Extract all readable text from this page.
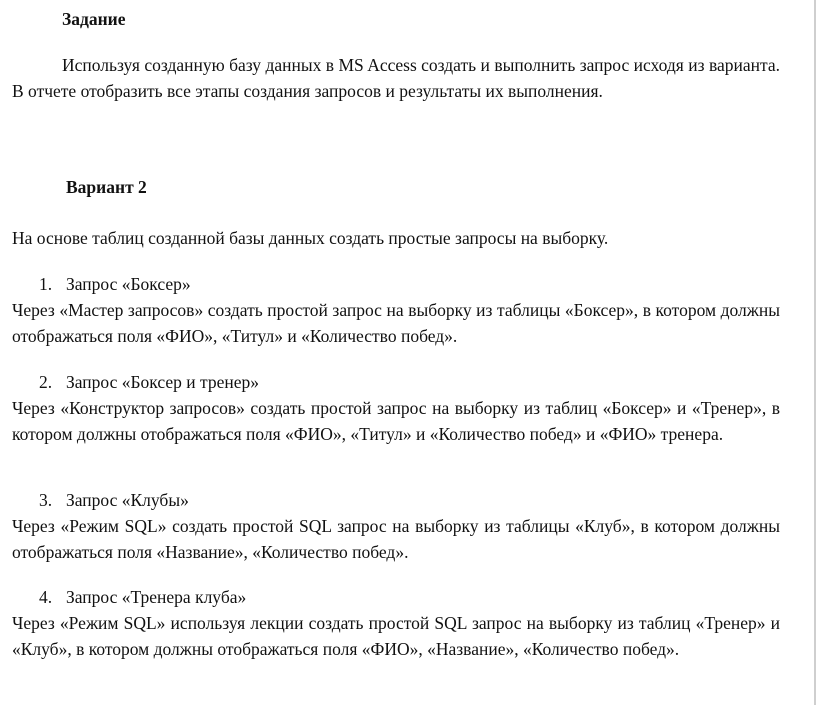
Задание
Используя созданную базу данных в MS Access создать и выполнить запрос исходя из варианта. В отчете отобразить все этапы создания запросов и результаты их выполнения.
Вариант 2
На основе таблиц созданной базы данных создать простые запросы на выборку.
1. Запрос «Боксер»
Через «Мастер запросов» создать простой запрос на выборку из таблицы «Боксер», в котором должны отображаться поля «ФИО», «Титул» и «Количество побед».
2. Запрос «Боксер и тренер»
Через «Конструктор запросов» создать простой запрос на выборку из таблиц «Боксер» и «Тренер», в котором должны отображаться поля «ФИО», «Титул» и «Количество побед» и «ФИО» тренера.
3. Запрос «Клубы»
Через «Режим SQL» создать простой SQL запрос на выборку из таблицы «Клуб», в котором должны отображаться поля «Название», «Количество побед».
4. Запрос «Тренера клуба»
Через «Режим SQL» используя лекции создать простой SQL запрос на выборку из таблиц «Тренер» и «Клуб», в котором должны отображаться поля «ФИО», «Название», «Количество побед».
